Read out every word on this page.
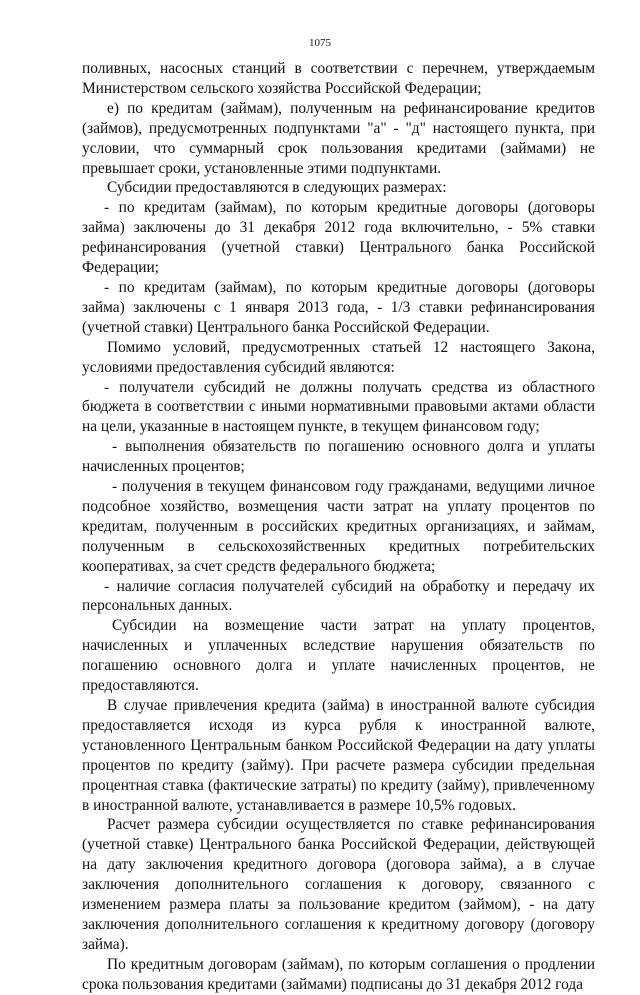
1075

поливных, насосных станций в соответствии с перечнем, утверждаемым Министерством сельского хозяйства Российской Федерации;

е) по кредитам (займам), полученным на рефинансирование кредитов (займов), предусмотренных подпунктами "а" - "д" настоящего пункта, при условии, что суммарный срок пользования кредитами (займами) не превышает сроки, установленные этими подпунктами.

Субсидии предоставляются в следующих размерах:

- по кредитам (займам), по которым кредитные договоры (договоры займа) заключены до 31 декабря 2012 года включительно, - 5% ставки рефинансирования (учетной ставки) Центрального банка Российской Федерации;

- по кредитам (займам), по которым кредитные договоры (договоры займа) заключены с 1 января 2013 года, - 1/3 ставки рефинансирования (учетной ставки) Центрального банка Российской Федерации.

Помимо условий, предусмотренных статьей 12 настоящего Закона, условиями предоставления субсидий являются:

- получатели субсидий не должны получать средства из областного бюджета в соответствии с иными нормативными правовыми актами области на цели, указанные в настоящем пункте, в текущем финансовом году;

- выполнения обязательств по погашению основного долга и уплаты начисленных процентов;

- получения в текущем финансовом году гражданами, ведущими личное подсобное хозяйство, возмещения части затрат на уплату процентов по кредитам, полученным в российских кредитных организациях, и займам, полученным в сельскохозяйственных кредитных потребительских кооперативах, за счет средств федерального бюджета;

- наличие согласия получателей субсидий на обработку и передачу их персональных данных.

Субсидии на возмещение части затрат на уплату процентов, начисленных и уплаченных вследствие нарушения обязательств по погашению основного долга и уплате начисленных процентов, не предоставляются.

В случае привлечения кредита (займа) в иностранной валюте субсидия предоставляется исходя из курса рубля к иностранной валюте, установленного Центральным банком Российской Федерации на дату уплаты процентов по кредиту (займу). При расчете размера субсидии предельная процентная ставка (фактические затраты) по кредиту (займу), привлеченному в иностранной валюте, устанавливается в размере 10,5% годовых.

Расчет размера субсидии осуществляется по ставке рефинансирования (учетной ставке) Центрального банка Российской Федерации, действующей на дату заключения кредитного договора (договора займа), а в случае заключения дополнительного соглашения к договору, связанного с изменением размера платы за пользование кредитом (займом), - на дату заключения дополнительного соглашения к кредитному договору (договору займа).

По кредитным договорам (займам), по которым соглашения о продлении срока пользования кредитами (займами) подписаны до 31 декабря 2012 года
